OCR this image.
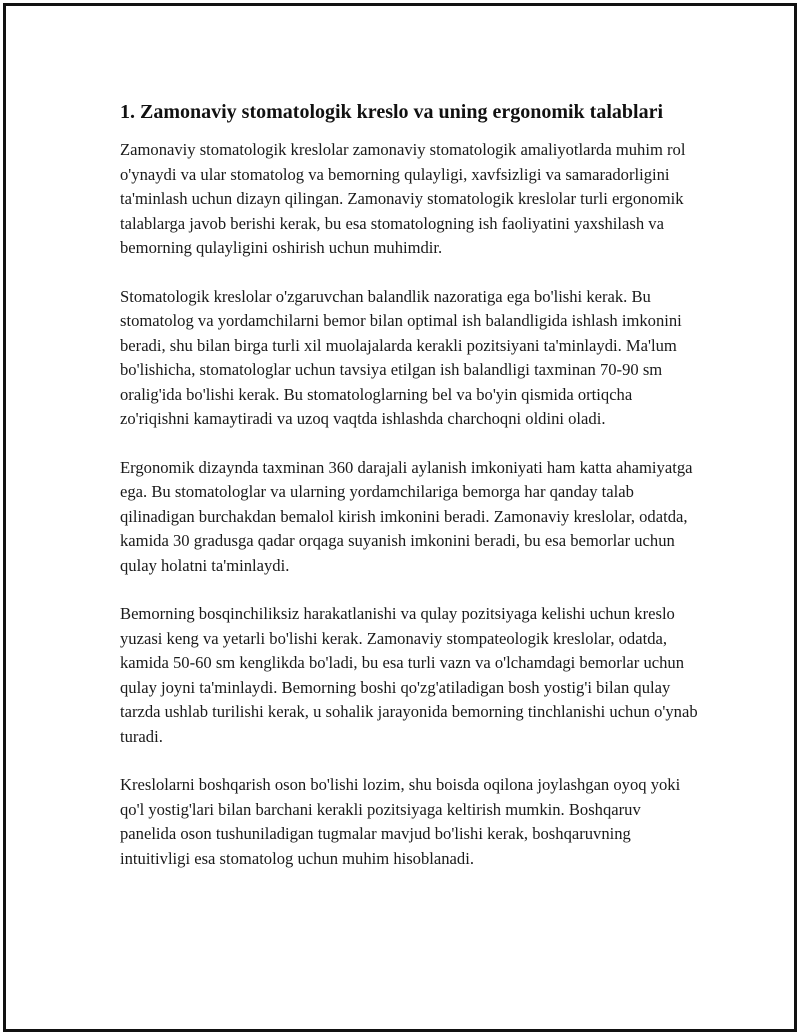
1. Zamonaviy stomatologik kreslo va uning ergonomik talablari

Zamonaviy stomatologik kreslolar zamonaviy stomatologik amaliyotlarda muhim rol o'ynaydi va ular stomatolog va bemorning qulayligi, xavfsizligi va samaradorligini ta'minlash uchun dizayn qilingan. Zamonaviy stomatologik kreslolar turli ergonomik talablarga javob berishi kerak, bu esa stomatologning ish faoliyatini yaxshilash va bemorning qulayligini oshirish uchun muhimdir.

Stomatologik kreslolar o'zgaruvchan balandlik nazoratiga ega bo'lishi kerak. Bu stomatolog va yordamchilarni bemor bilan optimal ish balandligida ishlash imkonini beradi, shu bilan birga turli xil muolajalarda kerakli pozitsiyani ta'minlaydi. Ma'lum bo'lishicha, stomatologlar uchun tavsiya etilgan ish balandligi taxminan 70-90 sm oralig'ida bo'lishi kerak. Bu stomatologlarning bel va bo'yin qismida ortiqcha zo'riqishni kamaytiradi va uzoq vaqtda ishlashda charchoqni oldini oladi.

Ergonomik dizaynda taxminan 360 darajali aylanish imkoniyati ham katta ahamiyatga ega. Bu stomatologlar va ularning yordamchilariga bemorga har qanday talab qilinadigan burchakdan bemalol kirish imkonini beradi. Zamonaviy kreslolar, odatda, kamida 30 gradusga qadar orqaga suyanish imkonini beradi, bu esa bemorlar uchun qulay holatni ta'minlaydi.

Bemorning bosqinchiliksiz harakatlanishi va qulay pozitsiyaga kelishi uchun kreslo yuzasi keng va yetarli bo'lishi kerak. Zamonaviy stompateologik kreslolar, odatda, kamida 50-60 sm kenglikda bo'ladi, bu esa turli vazn va o'lchamdagi bemorlar uchun qulay joyni ta'minlaydi. Bemorning boshi qo'zg'atiladigan bosh yostig'i bilan qulay tarzda ushlab turilishi kerak, u sohalik jarayonida bemorning tinchlanishi uchun o'ynab turadi.

Kreslolarni boshqarish oson bo'lishi lozim, shu boisda oqilona joylashgan oyoq yoki qo'l yostig'lari bilan barchani kerakli pozitsiyaga keltirish mumkin. Boshqaruv panelida oson tushuniladigan tugmalar mavjud bo'lishi kerak, boshqaruvning intuitivligi esa stomatolog uchun muhim hisoblanadi.
